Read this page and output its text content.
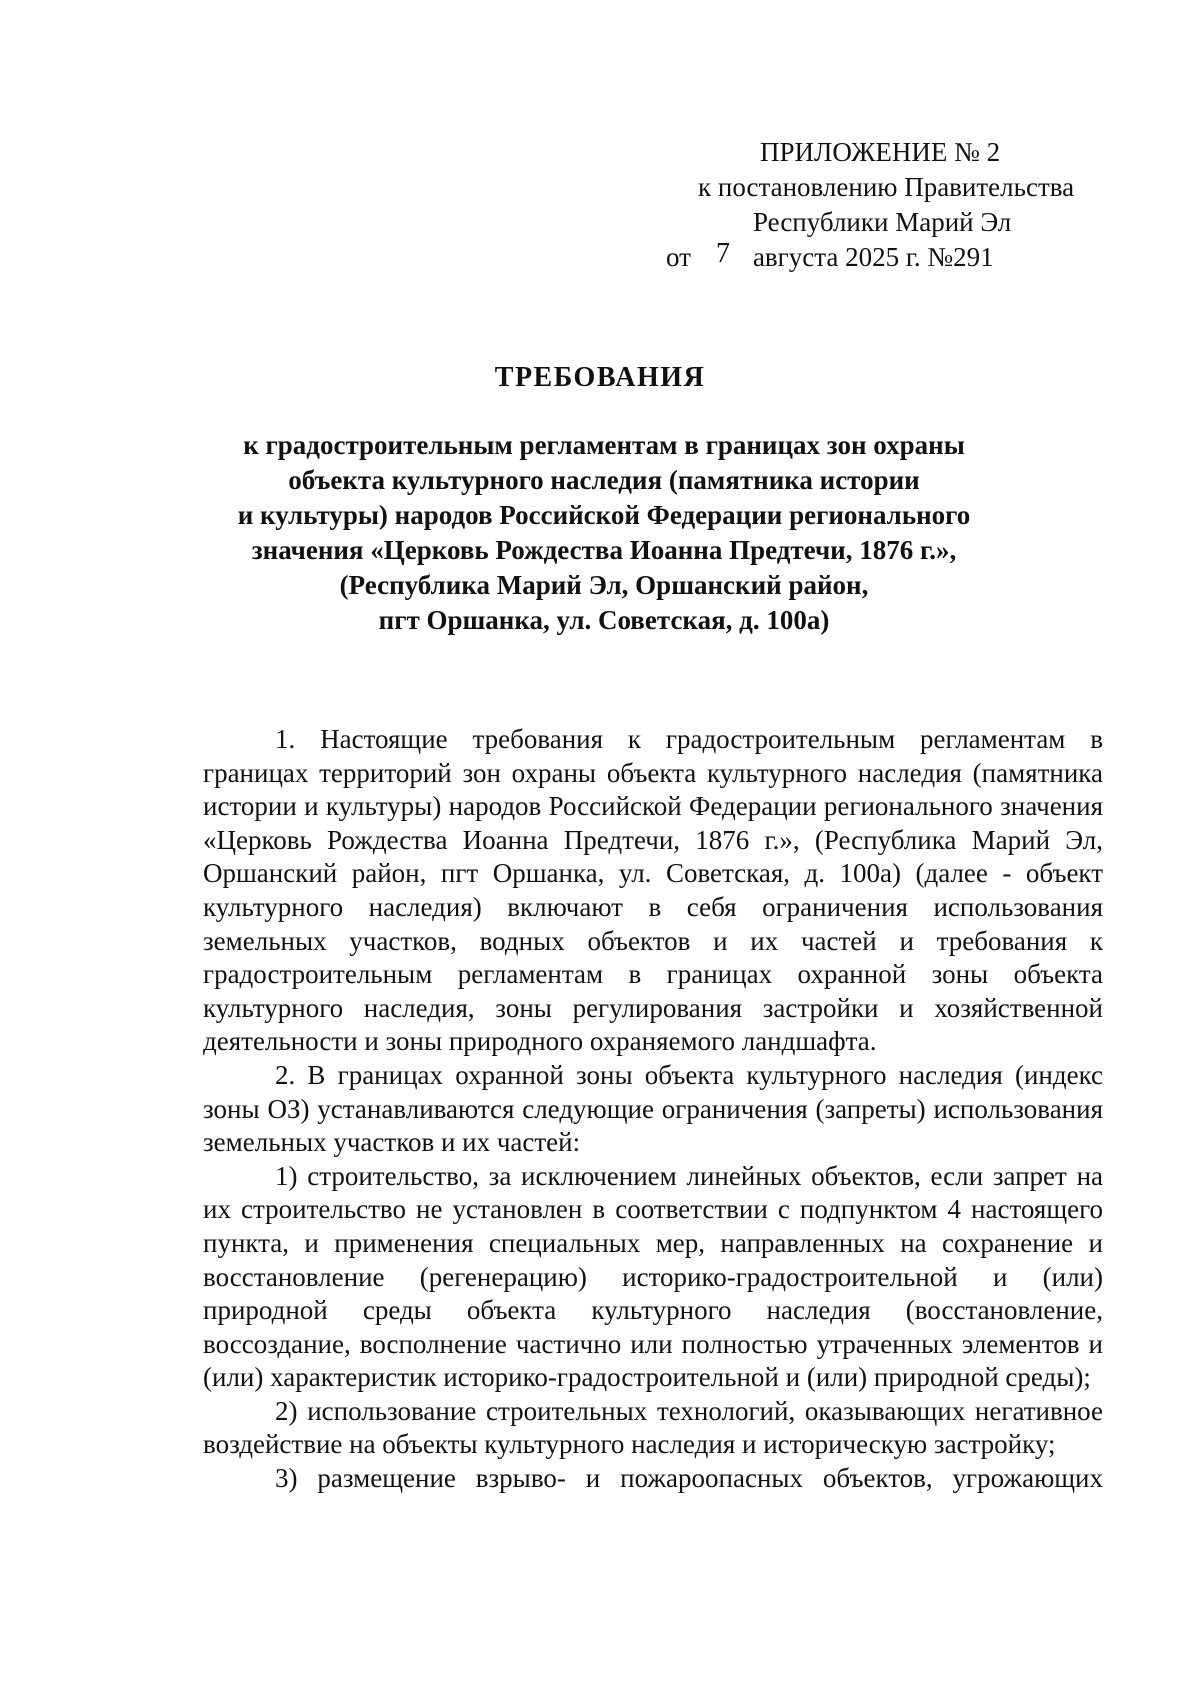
ПРИЛОЖЕНИЕ № 2
к постановлению Правительства
Республики Марий Эл
от 7 августа 2025 г. №291
ТРЕБОВАНИЯ
к градостроительным регламентам в границах зон охраны
объекта культурного наследия (памятника истории
и культуры) народов Российской Федерации регионального
значения «Церковь Рождества Иоанна Предтечи, 1876 г.»,
(Республика Марий Эл, Оршанский район,
пгт Оршанка, ул. Советская, д. 100а)

1. Настоящие требования к градостроительным регламентам в границах территорий зон охраны объекта культурного наследия (памятника истории и культуры) народов Российской Федерации регионального значения «Церковь Рождества Иоанна Предтечи, 1876 г.», (Республика Марий Эл, Оршанский район, пгт Оршанка, ул. Советская, д. 100а) (далее - объект культурного наследия) включают в себя ограничения использования земельных участков, водных объектов и их частей и требования к градостроительным регламентам в границах охранной зоны объекта культурного наследия, зоны регулирования застройки и хозяйственной деятельности и зоны природного охраняемого ландшафта.

2. В границах охранной зоны объекта культурного наследия (индекс зоны ОЗ) устанавливаются следующие ограничения (запреты) использования земельных участков и их частей:

1) строительство, за исключением линейных объектов, если запрет на их строительство не установлен в соответствии с подпунктом 4 настоящего пункта, и применения специальных мер, направленных на сохранение и восстановление (регенерацию) историко-градостроительной и (или) природной среды объекта культурного наследия (восстановление, воссоздание, восполнение частично или полностью утраченных элементов и (или) характеристик историко-градостроительной и (или) природной среды);

2) использование строительных технологий, оказывающих негативное воздействие на объекты культурного наследия и историческую застройку;

3) размещение взрыво- и пожароопасных объектов, угрожающих
